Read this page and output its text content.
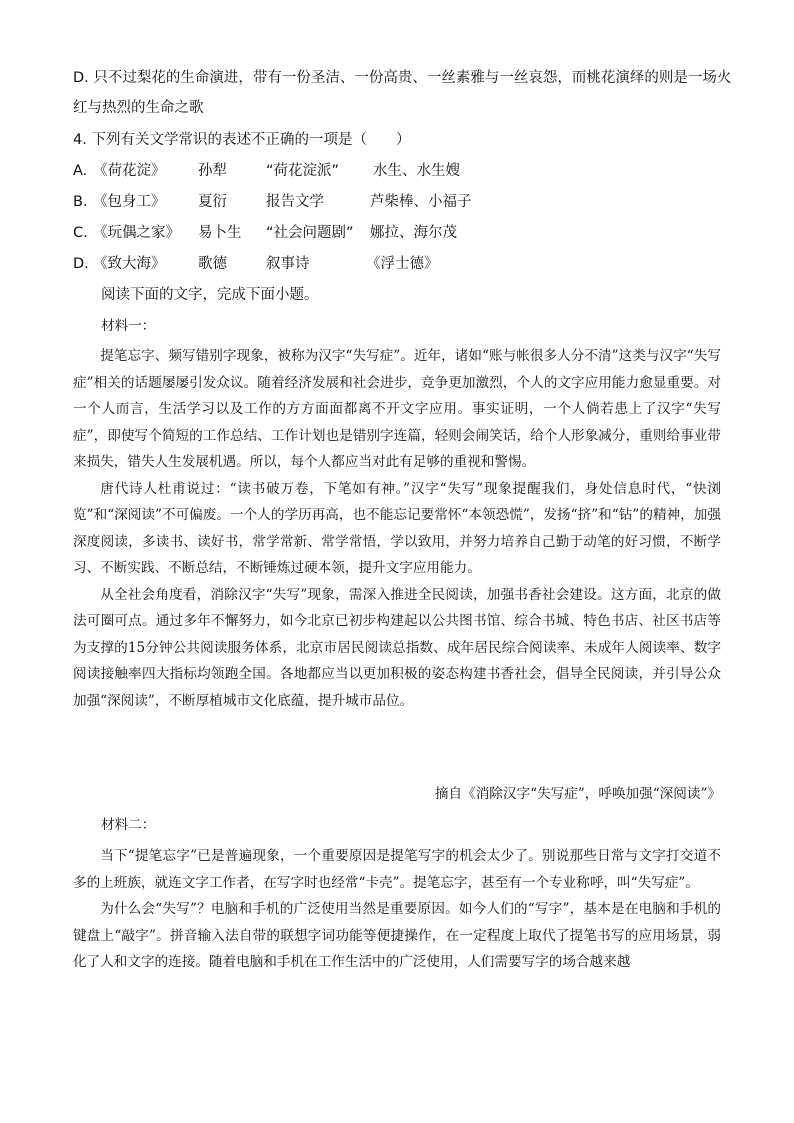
D. 只不过梨花的生命演进，带有一份圣洁、一份高贵、一丝素雅与一丝哀怨，而桃花演绎的则是一场火
红与热烈的生命之歌
4. 下列有关文学常识的表述不正确的一项是（　　）
A. 《荷花淀》 孙犁	“荷花淀派” 水生、水生嫂
B. 《包身工》 夏衍	报告文学	芦柴棒、小福子
C. 《玩偶之家》 易卜生 “社会问题剧” 娜拉、海尔茂
D. 《致大海》 歌德	叙事诗	《浮士德》
阅读下面的文字，完成下面小题。
材料一：

提笔忘字、频写错别字现象，被称为汉字“失写症”。近年，诸如“账与帐很多人分不清”这类与汉字“失写症”相关的话题屡屡引发众议。随着经济发展和社会进步，竞争更加激烈，个人的文字应用能力愈显重要。对一个人而言，生活学习以及工作的方方面面都离不开文字应用。事实证明，一个人倘若患上了汉字“失写症”，即使写个简短的工作总结、工作计划也是错别字连篇，轻则会闹笑话，给个人形象减分，重则给事业带来损失，错失人生发展机遇。所以，每个人都应当对此有足够的重视和警惕。

唐代诗人杜甫说过：“读书破万卷，下笔如有神。”汉字“失写”现象提醒我们，身处信息时代，“快浏览”和“深阅读”不可偏废。一个人的学历再高，也不能忘记要常怀“本领恐慌”，发扬“挤”和“钻”的精神，加强深度阅读，多读书、读好书，常学常新、常学常悟，学以致用，并努力培养自己勤于动笔的好习惯，不断学习、不断实践、不断总结，不断锤炼过硬本领，提升文字应用能力。

从全社会角度看，消除汉字“失写”现象，需深入推进全民阅读，加强书香社会建设。这方面，北京的做法可圈可点。通过多年不懈努力，如今北京已初步构建起以公共图书馆、综合书城、特色书店、社区书店等为支撑的15分钟公共阅读服务体系，北京市居民阅读总指数、成年居民综合阅读率、未成年人阅读率、数字阅读接触率四大指标均领跑全国。各地都应当以更加积极的姿态构建书香社会，倡导全民阅读，并引导公众加强“深阅读”，不断厚植城市文化底蕴，提升城市品位。

摘自《消除汉字“失写症”，呼唤加强“深阅读”》
材料二：

当下“提笔忘字”已是普遍现象，一个重要原因是提笔写字的机会太少了。别说那些日常与文字打交道不多的上班族，就连文字工作者，在写字时也经常“卡壳”。提笔忘字，甚至有一个专业称呼，叫“失写症”。

为什么会“失写”？电脑和手机的广泛使用当然是重要原因。如今人们的“写字”，基本是在电脑和手机的键盘上“敲字”。拼音输入法自带的联想字词功能等便捷操作，在一定程度上取代了提笔书写的应用场景，弱化了人和文字的连接。随着电脑和手机在工作生活中的广泛使用，人们需要写字的场合越来越
